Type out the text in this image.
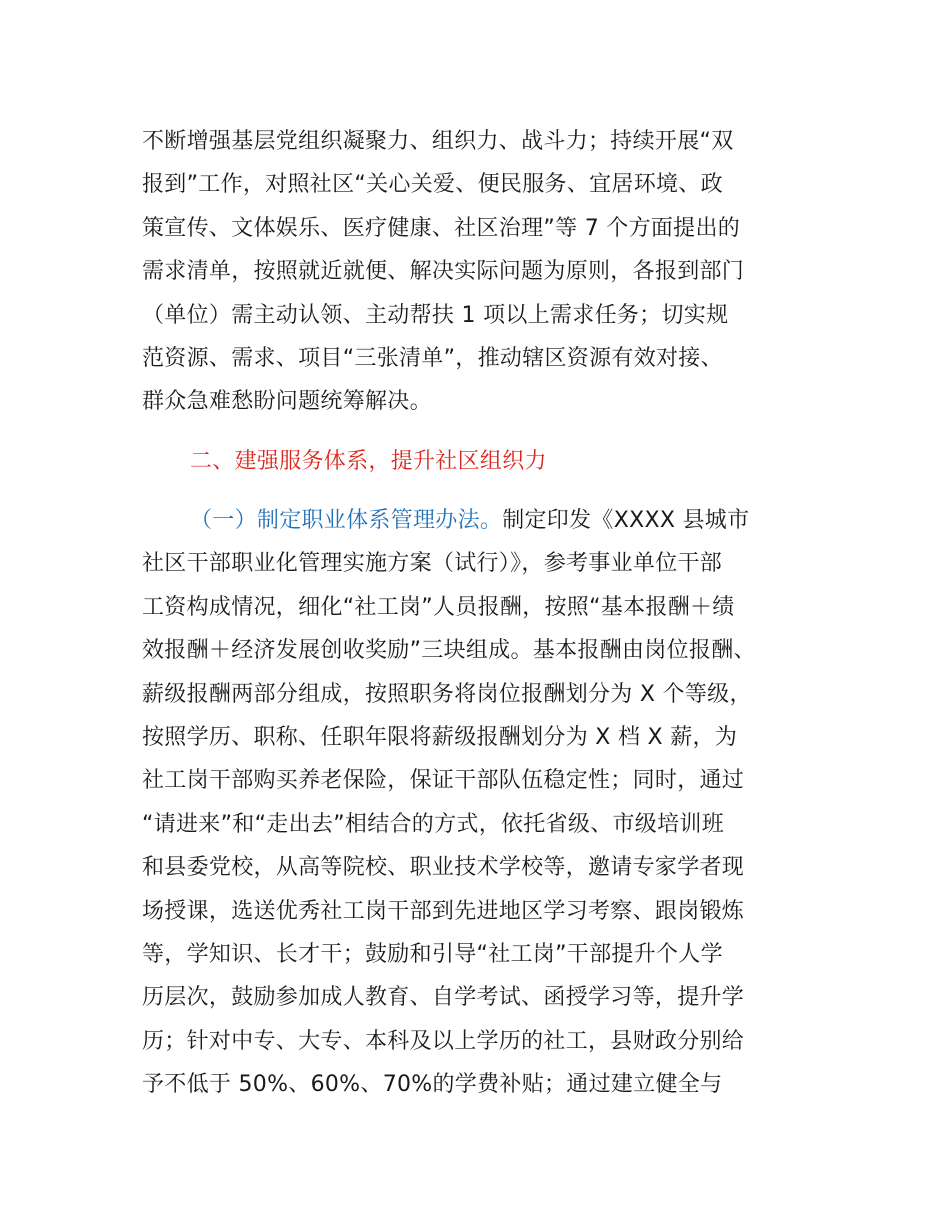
不断增强基层党组织凝聚力、组织力、战斗力；持续开展“双
报到”工作，对照社区“关心关爱、便民服务、宜居环境、政
策宣传、文体娱乐、医疗健康、社区治理”等 7 个方面提出的
需求清单，按照就近就便、解决实际问题为原则，各报到部门
（单位）需主动认领、主动帮扶 1 项以上需求任务；切实规
范资源、需求、项目“三张清单”，推动辖区资源有效对接、
群众急难愁盼问题统筹解决。
二、建强服务体系，提升社区组织力
（一）制定职业体系管理办法。制定印发《XXXX 县城市
社区干部职业化管理实施方案（试行）》，参考事业单位干部
工资构成情况，细化“社工岗”人员报酬，按照“基本报酬＋绩
效报酬＋经济发展创收奖励”三块组成。基本报酬由岗位报酬、
薪级报酬两部分组成，按照职务将岗位报酬划分为 X 个等级，
按照学历、职称、任职年限将薪级报酬划分为 X 档 X 薪，为
社工岗干部购买养老保险，保证干部队伍稳定性；同时，通过
“请进来”和“走出去”相结合的方式，依托省级、市级培训班
和县委党校，从高等院校、职业技术学校等，邀请专家学者现
场授课，选送优秀社工岗干部到先进地区学习考察、跟岗锻炼
等，学知识、长才干；鼓励和引导“社工岗”干部提升个人学
历层次，鼓励参加成人教育、自学考试、函授学习等，提升学
历；针对中专、大专、本科及以上学历的社工，县财政分别给
予不低于 50%、60%、70%的学费补贴；通过建立健全与
